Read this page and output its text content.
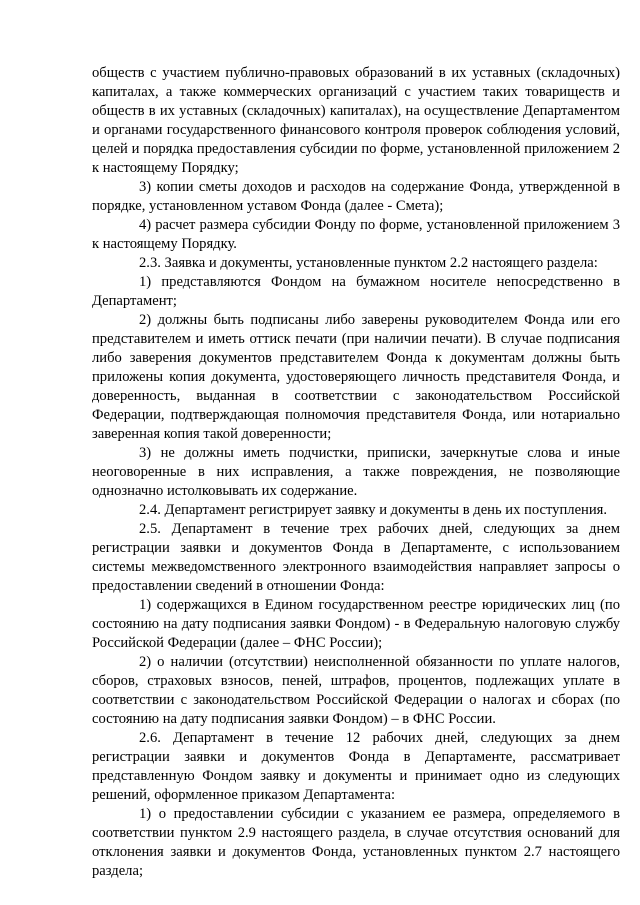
обществ с участием публично-правовых образований в их уставных (складочных) капиталах, а также коммерческих организаций с участием таких товариществ и обществ в их уставных (складочных) капиталах), на осуществление Департаментом и органами государственного финансового контроля проверок соблюдения условий, целей и порядка предоставления субсидии по форме, установленной приложением 2 к настоящему Порядку;

3) копии сметы доходов и расходов на содержание Фонда, утвержденной в порядке, установленном уставом Фонда (далее - Смета);

4) расчет размера субсидии Фонду по форме, установленной приложением 3 к настоящему Порядку.

2.3. Заявка и документы, установленные пунктом 2.2 настоящего раздела:

1) представляются Фондом на бумажном носителе непосредственно в Департамент;

2) должны быть подписаны либо заверены руководителем Фонда или его представителем и иметь оттиск печати (при наличии печати). В случае подписания либо заверения документов представителем Фонда к документам должны быть приложены копия документа, удостоверяющего личность представителя Фонда, и доверенность, выданная в соответствии с законодательством Российской Федерации, подтверждающая полномочия представителя Фонда, или нотариально заверенная копия такой доверенности;

3) не должны иметь подчистки, приписки, зачеркнутые слова и иные неоговоренные в них исправления, а также повреждения, не позволяющие однозначно истолковывать их содержание.

2.4. Департамент регистрирует заявку и документы в день их поступления.

2.5. Департамент в течение трех рабочих дней, следующих за днем регистрации заявки и документов Фонда в Департаменте, с использованием системы межведомственного электронного взаимодействия направляет запросы о предоставлении сведений в отношении Фонда:

1) содержащихся в Едином государственном реестре юридических лиц (по состоянию на дату подписания заявки Фондом) - в Федеральную налоговую службу Российской Федерации (далее – ФНС России);

2) о наличии (отсутствии) неисполненной обязанности по уплате налогов, сборов, страховых взносов, пеней, штрафов, процентов, подлежащих уплате в соответствии с законодательством Российской Федерации о налогах и сборах (по состоянию на дату подписания заявки Фондом) – в ФНС России.

2.6. Департамент в течение 12 рабочих дней, следующих за днем регистрации заявки и документов Фонда в Департаменте, рассматривает представленную Фондом заявку и документы и принимает одно из следующих решений, оформленное приказом Департамента:

1) о предоставлении субсидии с указанием ее размера, определяемого в соответствии пунктом 2.9 настоящего раздела, в случае отсутствия оснований для отклонения заявки и документов Фонда, установленных пунктом 2.7 настоящего раздела;
